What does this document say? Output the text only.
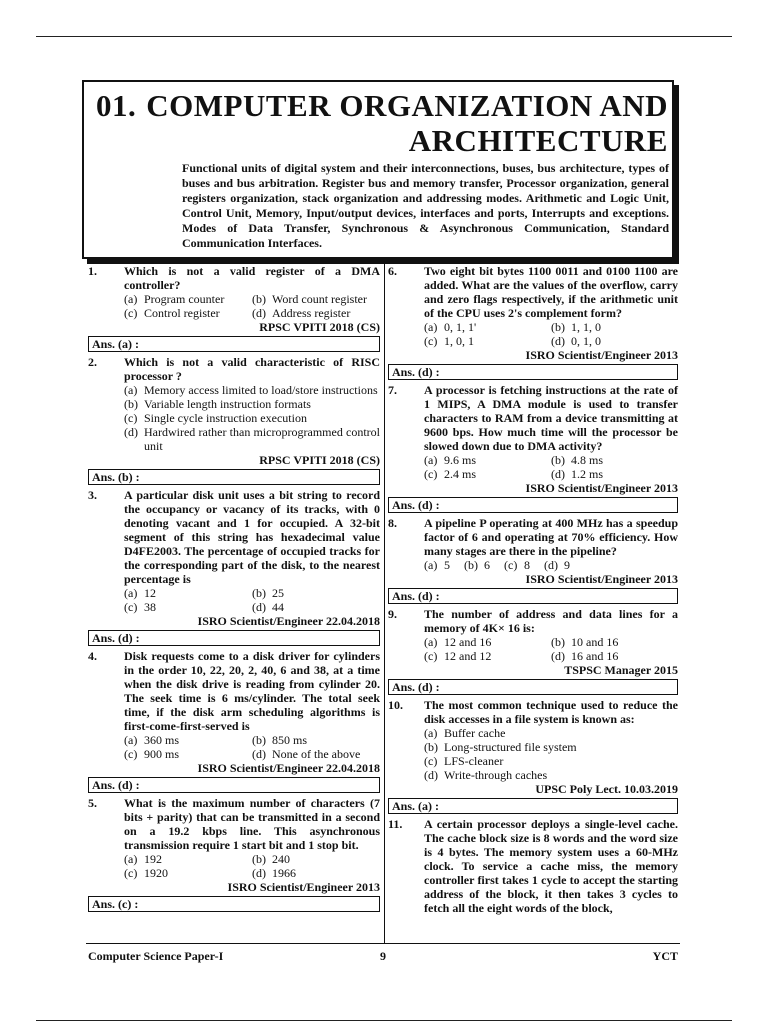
01. COMPUTER ORGANIZATION AND
ARCHITECTURE
Functional units of digital system and their interconnections, buses, bus architecture, types of buses and bus arbitration. Register bus and memory transfer, Processor organization, general registers organization, stack organization and addressing modes. Arithmetic and Logic Unit, Control Unit, Memory, Input/output devices, interfaces and ports, Interrupts and exceptions. Modes of Data Transfer, Synchronous & Asynchronous Communication, Standard Communication Interfaces.
1.	Which is not a valid register of a DMA controller?
(a) Program counter	(b) Word count register
(c) Control register	(d) Address register
RPSC VPITI 2018 (CS)
Ans. (a) :
2.	Which is not a valid characteristic of RISC processor ?
(a) Memory access limited to load/store instructions
(b) Variable length instruction formats
(c) Single cycle instruction execution
(d) Hardwired rather than microprogrammed control unit
RPSC VPITI 2018 (CS)
Ans. (b) :
3.	A particular disk unit uses a bit string to record the occupancy or vacancy of its tracks, with 0 denoting vacant and 1 for occupied. A 32-bit segment of this string has hexadecimal value D4FE2003. The percentage of occupied tracks for the corresponding part of the disk, to the nearest percentage is
(a) 12	(b) 25
(c) 38	(d) 44
ISRO Scientist/Engineer 22.04.2018
Ans. (d) :
4.	Disk requests come to a disk driver for cylinders in the order 10, 22, 20, 2, 40, 6 and 38, at a time when the disk drive is reading from cylinder 20. The seek time is 6 ms/cylinder. The total seek time, if the disk arm scheduling algorithms is first-come-first-served is
(a) 360 ms	(b) 850 ms
(c) 900 ms	(d) None of the above
ISRO Scientist/Engineer 22.04.2018
Ans. (d) :
5.	What is the maximum number of characters (7 bits + parity) that can be transmitted in a second on a 19.2 kbps line. This asynchronous transmission require 1 start bit and 1 stop bit.
(a) 192	(b) 240
(c) 1920	(d) 1966
ISRO Scientist/Engineer 2013
Ans. (c) :
6.	Two eight bit bytes 1100 0011 and 0100 1100 are added. What are the values of the overflow, carry and zero flags respectively, if the arithmetic unit of the CPU uses 2's complement form?
(a) 0, 1, 1'	(b) 1, 1, 0
(c) 1, 0, 1	(d) 0, 1, 0
ISRO Scientist/Engineer 2013
Ans. (d) :
7.	A processor is fetching instructions at the rate of 1 MIPS, A DMA module is used to transfer characters to RAM from a device transmitting at 9600 bps. How much time will the processor be slowed down due to DMA activity?
(a) 9.6 ms	(b) 4.8 ms
(c) 2.4 ms	(d) 1.2 ms
ISRO Scientist/Engineer 2013
Ans. (d) :
8.	A pipeline P operating at 400 MHz has a speedup factor of 6 and operating at 70% efficiency. How many stages are there in the pipeline?
(a) 5 (b) 6 (c) 8 (d) 9
ISRO Scientist/Engineer 2013
Ans. (d) :
9.	The number of address and data lines for a memory of 4K× 16 is:
(a) 12 and 16	(b) 10 and 16
(c) 12 and 12	(d) 16 and 16
TSPSC Manager 2015
Ans. (d) :
10.	The most common technique used to reduce the disk accesses in a file system is known as:
(a) Buffer cache
(b) Long-structured file system
(c) LFS-cleaner
(d) Write-through caches
UPSC Poly Lect. 10.03.2019
Ans. (a) :
11.	A certain processor deploys a single-level cache. The cache block size is 8 words and the word size is 4 bytes. The memory system uses a 60-MHz clock. To service a cache miss, the memory controller first takes 1 cycle to accept the starting address of the block, it then takes 3 cycles to fetch all the eight words of the block,
Computer Science Paper-I	9	YCT
